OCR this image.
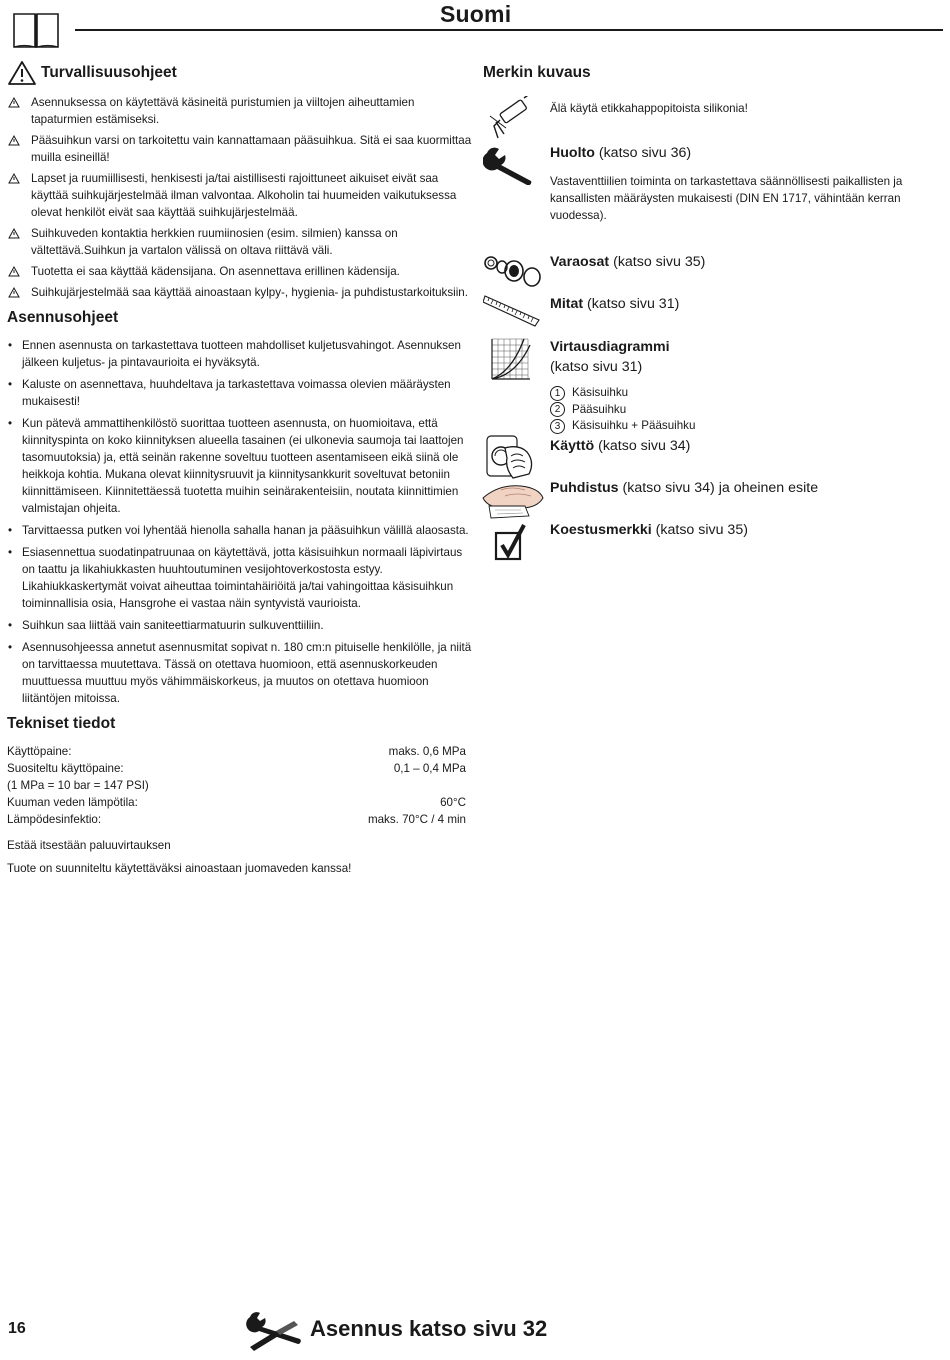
Suomi
Turvallisuusohjeet
Asennuksessa on käytettävä käsineitä puristumien ja viiltojen aiheuttamien tapaturmien estämiseksi.
Pääsuihkun varsi on tarkoitettu vain kannattamaan pääsuihkua. Sitä ei saa kuormittaa muilla esineillä!
Lapset ja ruumiillisesti, henkisesti ja/tai aistillisesti rajoittuneet aikuiset eivät saa käyttää suihkujärjestelmää ilman valvontaa. Alkoholin tai huumeiden vaikutuksessa olevat henkilöt eivät saa käyttää suihkujärjestelmää.
Suihkuveden kontaktia herkkien ruumiinosien (esim. silmien) kanssa on vältettävä.Suihkun ja vartalon välissä on oltava riittävä väli.
Tuotetta ei saa käyttää kädensijana. On asennettava erillinen kädensija.
Suihkujärjestelmää saa käyttää ainoastaan kylpy-, hygienia- ja puhdistustarkoituksiin.
Asennusohjeet
• Ennen asennusta on tarkastettava tuotteen mahdolliset kuljetusvahingot. Asennuksen jälkeen kuljetus- ja pintavaurioita ei hyväksytä.
• Kaluste on asennettava, huuhdeltava ja tarkastettava voimassa olevien määräysten mukaisesti!
• Kun pätevä ammattihenkilöstö suorittaa tuotteen asennusta, on huomioitava, että kiinnityspinta on koko kiinnityksen alueella tasainen (ei ulkonevia saumoja tai laattojen tasomuutoksia) ja, että seinän rakenne soveltuu tuotteen asentamiseen eikä siinä ole heikkoja kohtia. Mukana olevat kiinnitysruuvit ja kiinnitysankkurit soveltuvat betoniin kiinnittämiseen. Kiinnitettäessä tuotetta muihin seinärakenteisiin, noutata kiinnittimien valmistajan ohjeita.
• Tarvittaessa putken voi lyhentää hienolla sahalla hanan ja pääsuihkun välillä alaosasta.
• Esiasennettua suodatinpatruunaa on käytettävä, jotta käsisuihkun normaali läpivirtaus on taattu ja likahiukkasten huuhtoutuminen vesijohtoverkostosta estyy. Likahiukkaskertymät voivat aiheuttaa toimintahäiriöitä ja/tai vahingoittaa käsisuihkun toiminnallisia osia, Hansgrohe ei vastaa näin syntyvistä vaurioista.
• Suihkun saa liittää vain saniteettiarmatuurin sulkuventtiiliin.
• Asennusohjeessa annetut asennusmitat sopivat n. 180 cm:n pituiselle henkilölle, ja niitä on tarvittaessa muutettava. Tässä on otettava huomioon, että asennuskorkeuden muuttuessa muuttuu myös vähimmäiskorkeus, ja muutos on otettava huomioon liitäntöjen mitoissa.
Tekniset tiedot
Käyttöpaine:	maks. 0,6 MPa
Suositeltu käyttöpaine:	0,1 – 0,4 MPa
(1 MPa = 10 bar = 147 PSI)	
Kuuman veden lämpötila:	60°C
Lämpödesinfektio:	maks. 70°C / 4 min

Estää itsestään paluuvirtauksen

Tuote on suunniteltu käytettäväksi ainoastaan juomaveden kanssa!

Merkin kuvaus
Älä käytä etikkahappopitoista silikonia!
Huolto (katso sivu 36)
Vastaventtiilien toiminta on tarkastettava säännöllisesti paikallisten ja kansallisten määräysten mukaisesti (DIN EN 1717, vähintään kerran vuodessa).
Varaosat (katso sivu 35)
Mitat (katso sivu 31)
Virtausdiagrammi
(katso sivu 31)
1	Käsisuihku
2	Pääsuihku
3	Käsisuihku + Pääsuihku
Käyttö (katso sivu 34)
Puhdistus (katso sivu 34) ja oheinen esite
Koestusmerkki (katso sivu 35)
16	Asennus katso sivu 32
